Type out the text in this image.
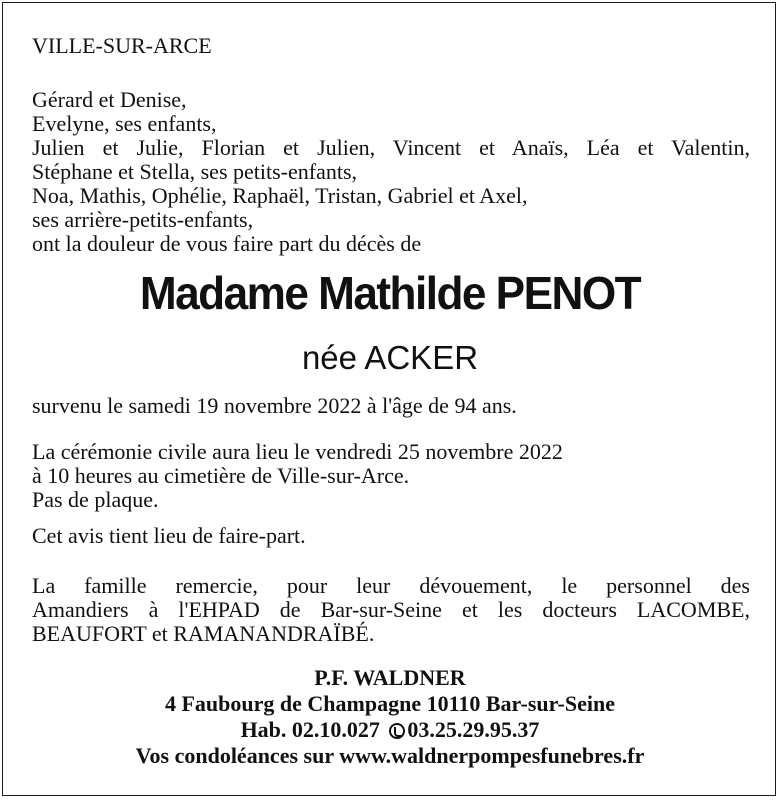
VILLE-SUR-ARCE
Gérard et Denise,
Evelyne, ses enfants,
Julien et Julie, Florian et Julien, Vincent et Anaïs, Léa et Valentin,
Stéphane et Stella, ses petits-enfants,
Noa, Mathis, Ophélie, Raphaël, Tristan, Gabriel et Axel,
ses arrière-petits-enfants,
ont la douleur de vous faire part du décès de
Madame Mathilde PENOT
née ACKER
survenu le samedi 19 novembre 2022 à l'âge de 94 ans.
La cérémonie civile aura lieu le vendredi 25 novembre 2022
à 10 heures au cimetière de Ville-sur-Arce.
Pas de plaque.
Cet avis tient lieu de faire-part.
La famille remercie, pour leur dévouement, le personnel des
Amandiers à l'EHPAD de Bar-sur-Seine et les docteurs LACOMBE,
BEAUFORT et RAMANANDRAÏBÉ.
P.F. WALDNER
4 Faubourg de Champagne 10110 Bar-sur-Seine
Hab. 02.10.027 03.25.29.95.37
Vos condoléances sur www.waldnerpompesfunebres.fr
